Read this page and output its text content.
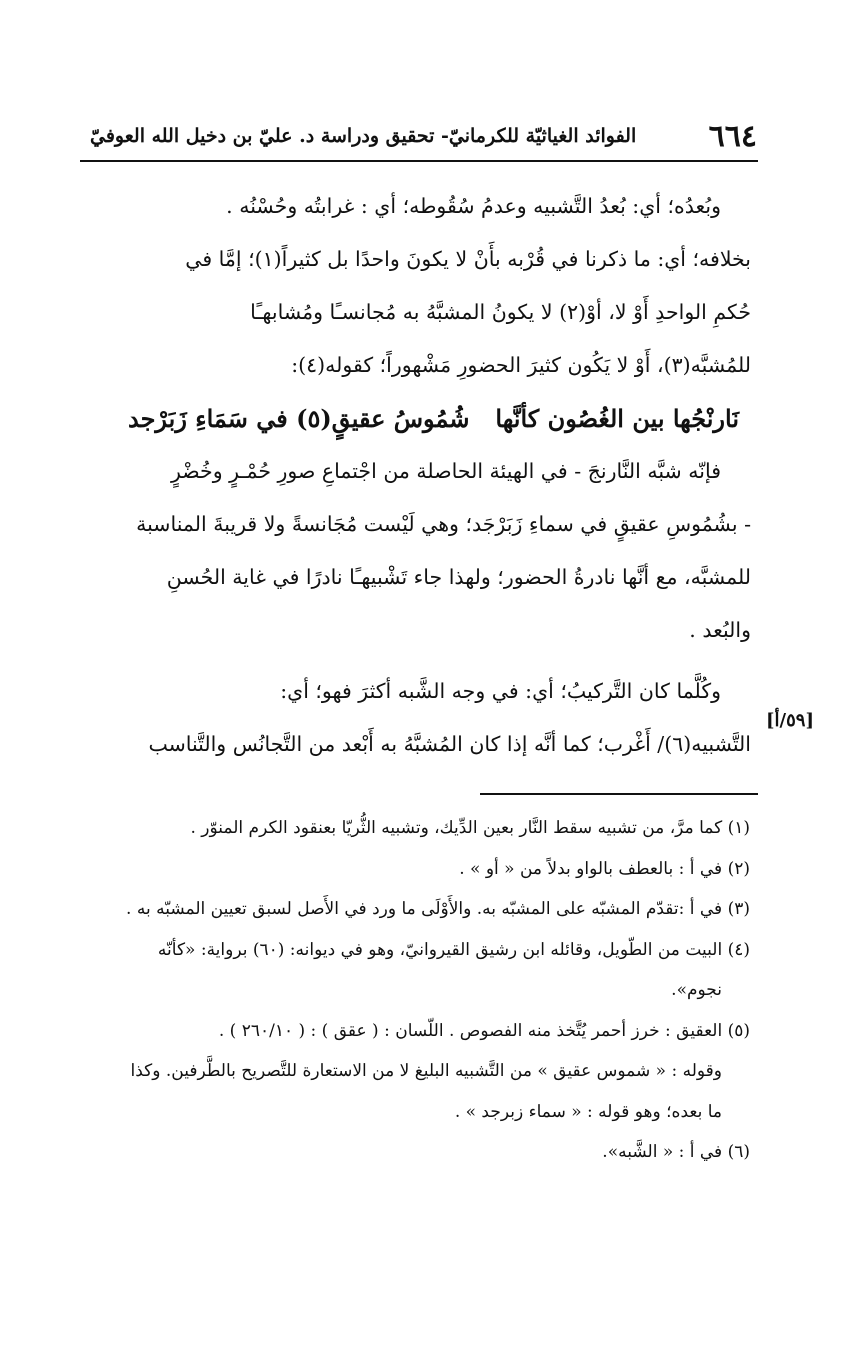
٦٦٤
الفوائد الغياثيّة للكرمانيّ- تحقيق ودراسة د. عليّ بن دخيل الله العوفيّ

وبُعدُه؛ أي: بُعدُ التَّشبيه وعدمُ سُقُوطه؛ أي : غرابتُه وحُسْنُه .

بخلافه؛ أي: ما ذكرنا في قُرْبه بأَنْ لا يكونَ واحدًا بل كثيراً(١)؛ إمَّا في

حُكمِ الواحدِ أَوْ لا، أوْ(٢) لا يكونُ المشبَّهُ به مُجانسـًا ومُشابهـًا

للمُشبَّه(٣)، أَوْ لا يَكُون كثيرَ الحضورِ مَشْهوراً؛ كقوله(٤):

نَارنْجُها بين الغُصُون كأنَّها
شُمُوسُ عقيقٍ(٥) في سَمَاءِ زَبَرْجد

فإنّه شبَّه النَّارنجَ - في الهيئة الحاصلة من اجْتماعِ صورِ حُمْـرٍ وخُضْرٍ

- بشُمُوسِ عقيقٍ في سماءِ زَبَرْجَد؛ وهي لَيْست مُجَانسةً ولا قريبةَ المناسبة

للمشبَّه، مع أنَّها نادرةُ الحضور؛ ولهذا جاء تَشْبيهـًا نادرًا في غاية الحُسنِ

والبُعد .

وكُلَّما كان التَّركيبُ؛ أي: في وجه الشَّبه أكثرَ فهو؛ أي:

التَّشبيه(٦)/ أَغْرب؛ كما أنَّه إذا كان المُشبَّهُ به أَبْعد من التَّجانُس والتَّناسب

[٥٩/أ]

(١) كما مرَّ، من تشبيه سقط النَّار بعين الدِّيك، وتشبيه الثُّريّا بعنقود الكرم المنوّر .

(٢) في أ : بالعطف بالواو بدلاً من « أو » .

(٣) في أ :تقدّم المشبّه على المشبّه به. والأَوْلَى ما ورد في الأَصل لسبق تعيين المشبّه به .

(٤) البيت من الطّويل، وقائله ابن رشيق القيروانيّ، وهو في ديوانه: (٦٠) برواية: «كأنّه

نجوم».

(٥) العقيق : خرز أحمر يُتَّخذ منه الفصوص . اللّسان : ( عقق ) : ( ٢٦٠/١٠ ) .

وقوله : « شموس عقيق » من التَّشبيه البليغ لا من الاستعارة للتَّصريح بالطَّرفين. وكذا

ما بعده؛ وهو قوله : « سماء زبرجد » .

(٦) في أ : « الشَّبه».
